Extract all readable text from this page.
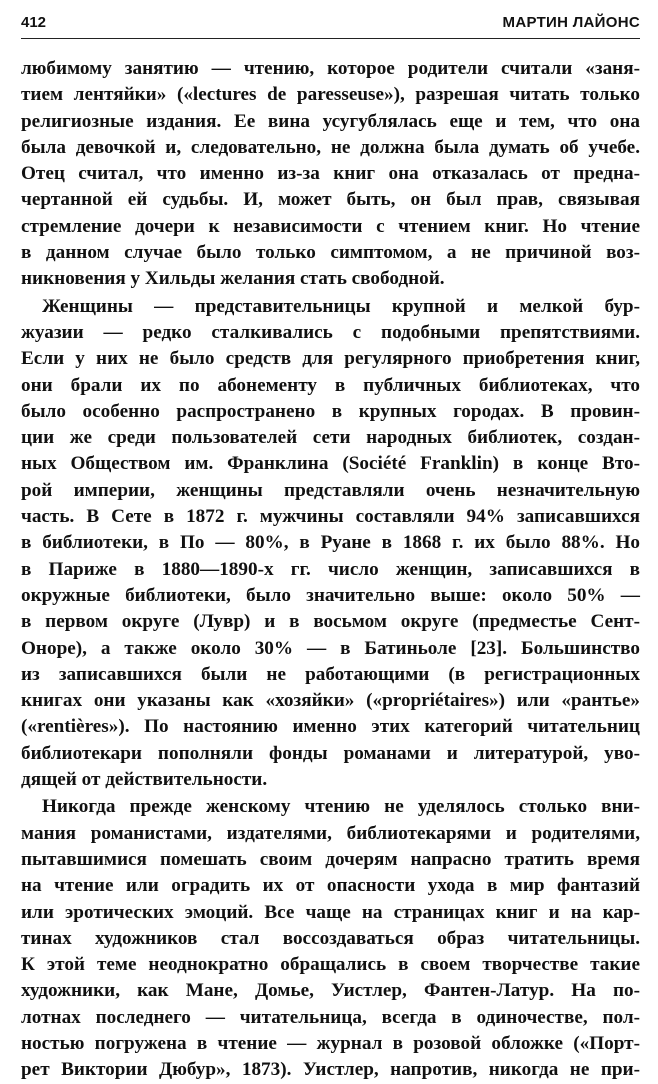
412	МАРТИН ЛАЙОНС
любимому занятию — чтению, которое родители считали «заня-
тием лентяйки» («lectures de paresseuse»), разрешая читать только
религиозные издания. Ее вина усугублялась еще и тем, что она
была девочкой и, следовательно, не должна была думать об учебе.
Отец считал, что именно из-за книг она отказалась от предна-
чертанной ей судьбы. И, может быть, он был прав, связывая
стремление дочери к независимости с чтением книг. Но чтение
в данном случае было только симптомом, а не причиной воз-
никновения у Хильды желания стать свободной.
Женщины — представительницы крупной и мелкой бур-
жуазии — редко сталкивались с подобными препятствиями.
Если у них не было средств для регулярного приобретения книг,
они брали их по абонементу в публичных библиотеках, что
было особенно распространено в крупных городах. В провин-
ции же среди пользователей сети народных библиотек, создан-
ных Обществом им. Франклина (Société Franklin) в конце Вто-
рой империи, женщины представляли очень незначительную
часть. В Сете в 1872 г. мужчины составляли 94% записавшихся
в библиотеки, в По — 80%, в Руане в 1868 г. их было 88%. Но
в Париже в 1880—1890-х гг. число женщин, записавшихся в
окружные библиотеки, было значительно выше: около 50% —
в первом округе (Лувр) и в восьмом округе (предместье Сент-
Оноре), а также около 30% — в Батиньоле [23]. Большинство
из записавшихся были не работающими (в регистрационных
книгах они указаны как «хозяйки» («propriétaires») или «рантье»
(«rentières»). По настоянию именно этих категорий читательниц
библиотекари пополняли фонды романами и литературой, уво-
дящей от действительности.
Никогда прежде женскому чтению не уделялось столько вни-
мания романистами, издателями, библиотекарями и родителями,
пытавшимися помешать своим дочерям напрасно тратить время
на чтение или оградить их от опасности ухода в мир фантазий
или эротических эмоций. Все чаще на страницах книг и на кар-
тинах художников стал воссоздаваться образ читательницы.
К этой теме неоднократно обращались в своем творчестве такие
художники, как Мане, Домье, Уистлер, Фантен-Латур. На по-
лотнах последнего — читательница, всегда в одиночестве, пол-
ностью погружена в чтение — журнал в розовой обложке («Порт-
рет Виктории Дюбур», 1873). Уистлер, напротив, никогда не при-
